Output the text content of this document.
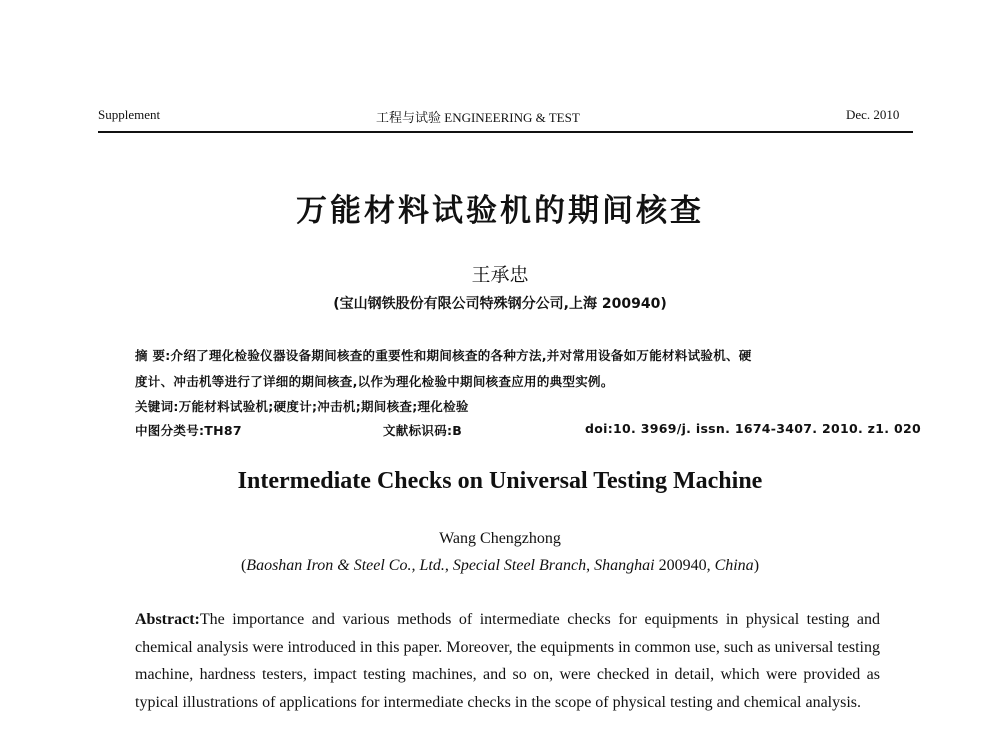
Supplement	工程与试验 ENGINEERING & TEST	Dec. 2010
万能材料试验机的期间核查
王承忠
(宝山钢铁股份有限公司特殊钢分公司,上海 200940)
摘 要:介绍了理化检验仪器设备期间核查的重要性和期间核查的各种方法,并对常用设备如万能材料试验机、硬
度计、冲击机等进行了详细的期间核查,以作为理化检验中期间核查应用的典型实例。
关键词:万能材料试验机;硬度计;冲击机;期间核查;理化检验
中图分类号:TH87	文献标识码:B	doi:10. 3969/j. issn. 1674-3407. 2010. z1. 020
Intermediate Checks on Universal Testing Machine
Wang Chengzhong
(Baoshan Iron & Steel Co., Ltd., Special Steel Branch, Shanghai 200940, China)
Abstract:The importance and various methods of intermediate checks for equipments in physical testing and chemical analysis were introduced in this paper. Moreover, the equipments in common use, such as universal testing machine, hardness testers, impact testing machines, and so on, were checked in detail, which were provided as typical illustrations of applications for intermediate checks in the scope of physical testing and chemical analysis.
